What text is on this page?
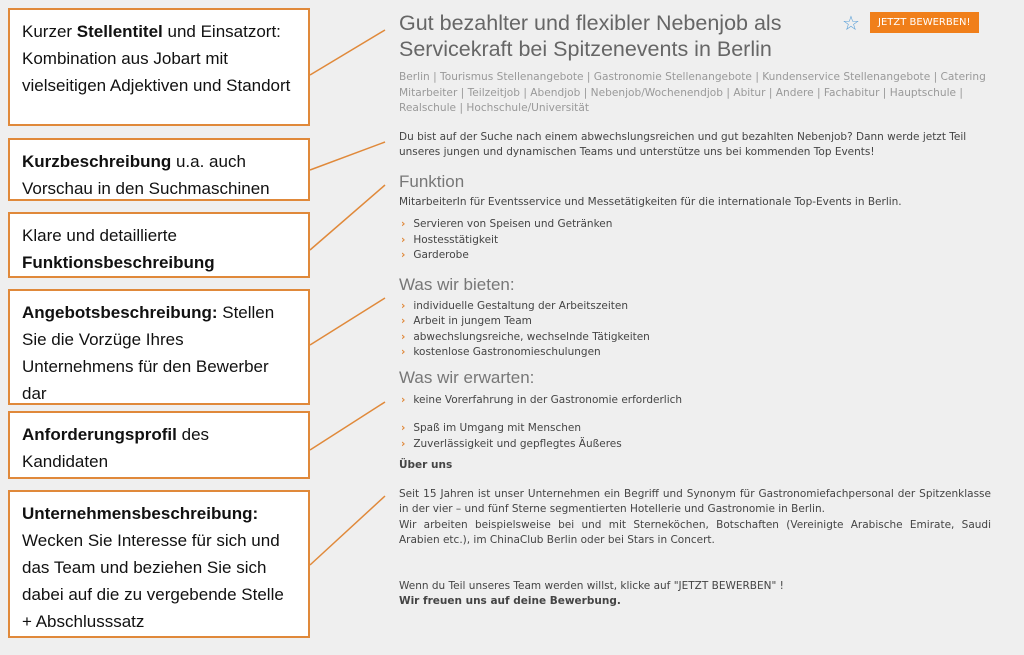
Kurzer Stellentitel und Einsatzort: Kombination aus Jobart mit vielseitigen Adjektiven und Standort
Kurzbeschreibung u.a. auch Vorschau in den Suchmaschinen
Klare und detaillierte Funktionsbeschreibung
Angebotsbeschreibung: Stellen Sie die Vorzüge Ihres Unternehmens für den Bewerber dar
Anforderungsprofil des Kandidaten
Unternehmensbeschreibung: Wecken Sie Interesse für sich und das Team und beziehen Sie sich dabei auf die zu vergebende Stelle + Abschlusssatz
Gut bezahlter und flexibler Nebenjob als Servicekraft bei Spitzenevents in Berlin
☆	JETZT BEWERBEN!
Berlin | Tourismus Stellenangebote | Gastronomie Stellenangebote | Kundenservice Stellenangebote | Catering Mitarbeiter | Teilzeitjob | Abendjob | Nebenjob/Wochenendjob | Abitur | Andere | Fachabitur | Hauptschule | Realschule | Hochschule/Universität

Du bist auf der Suche nach einem abwechslungsreichen und gut bezahlten Nebenjob? Dann werde jetzt Teil unseres jungen und dynamischen Teams und unterstütze uns bei kommenden Top Events!

Funktion

MitarbeiterIn für Eventsservice und Messetätigkeiten für die internationale Top-Events in Berlin.

› Servieren von Speisen und Getränken
› Hostesstätigkeit
› Garderobe
Was wir bieten:
› individuelle Gestaltung der Arbeitszeiten
› Arbeit in jungem Team
› abwechslungsreiche, wechselnde Tätigkeiten
› kostenlose Gastronomieschulungen
Was wir erwarten:
› keine Vorerfahrung in der Gastronomie erforderlich
› Spaß im Umgang mit Menschen
› Zuverlässigkeit und gepflegtes Äußeres

Über uns

Seit 15 Jahren ist unser Unternehmen ein Begriff und Synonym für Gastronomiefachpersonal der Spitzenklasse in der vier – und fünf Sterne segmentierten Hotellerie und Gastronomie in Berlin.

Wir arbeiten beispielsweise bei und mit Sterneköchen, Botschaften (Vereinigte Arabische Emirate, Saudi Arabien etc.), im ChinaClub Berlin oder bei Stars in Concert.

Wenn du Teil unseres Team werden willst, klicke auf "JETZT BEWERBEN" !

Wir freuen uns auf deine Bewerbung.
